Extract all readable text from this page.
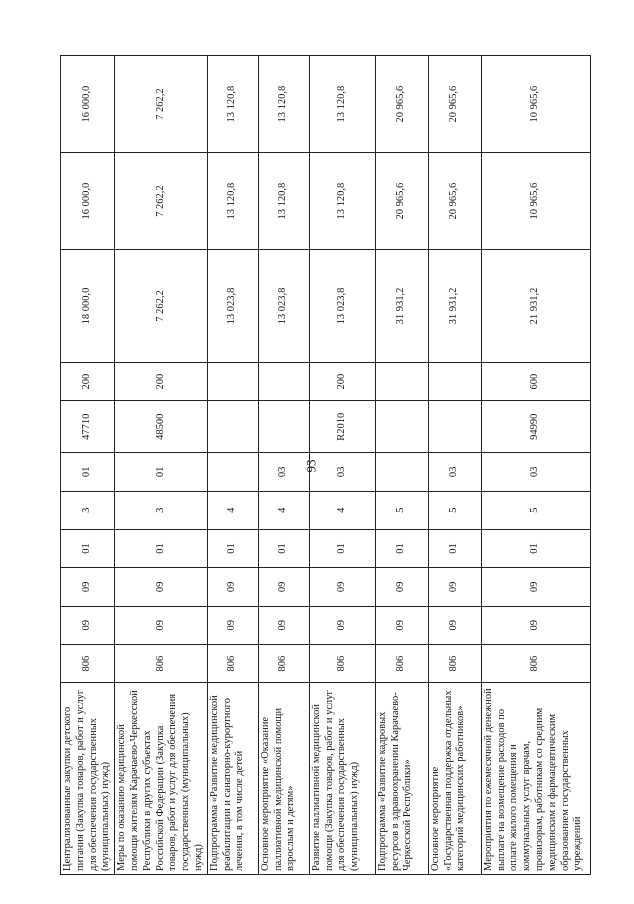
93
Централизованные закупки детского питания (Закупка товаров, работ и услуг для обеспечения государственных (муниципальных) нужд)	806	09	09	01	3	01	47710	200	18 000,0	16 000,0	16 000,0
Меры по оказанию медицинской помощи жителям Карачаево-Черкесской Республики в других субъектах Российской Федерации (Закупка товаров, работ и услуг для обеспечения государственных (муниципальных) нужд)	806	09	09	01	3	01	48500	200	7 262,2	7 262,2	7 262,2
Подпрограмма «Развитие медицинской реабилитации и санаторно-курортного лечения, в том числе детей	806	09	09	01	4				13 023,8	13 120,8	13 120,8
Основное мероприятие «Оказание паллиативной медицинской помощи взрослым и детям»	806	09	09	01	4	03			13 023,8	13 120,8	13 120,8
Развитие паллиативной медицинской помощи (Закупка товаров, работ и услуг для обеспечения государственных (муниципальных) нужд)	806	09	09	01	4	03	R2010	200	13 023,8	13 120,8	13 120,8
Подпрограмма «Развитие кадровых ресурсов в здравоохранении Карачаево-Черкесской Республики»	806	09	09	01	5				31 931,2	20 965,6	20 965,6
Основное мероприятие «Государственная поддержка отдельных категорий медицинских работников»	806	09	09	01	5	03			31 931,2	20 965,6	20 965,6
Мероприятия по ежемесячной денежной выплате на возмещение расходов по оплате жилого помещения и коммунальных услуг врачам, провизорам, работникам со средним медицинским и фармацевтическим образованием государственных учреждений	806	09	09	01	5	03	94990	600	21 931,2	10 965,6	10 965,6
